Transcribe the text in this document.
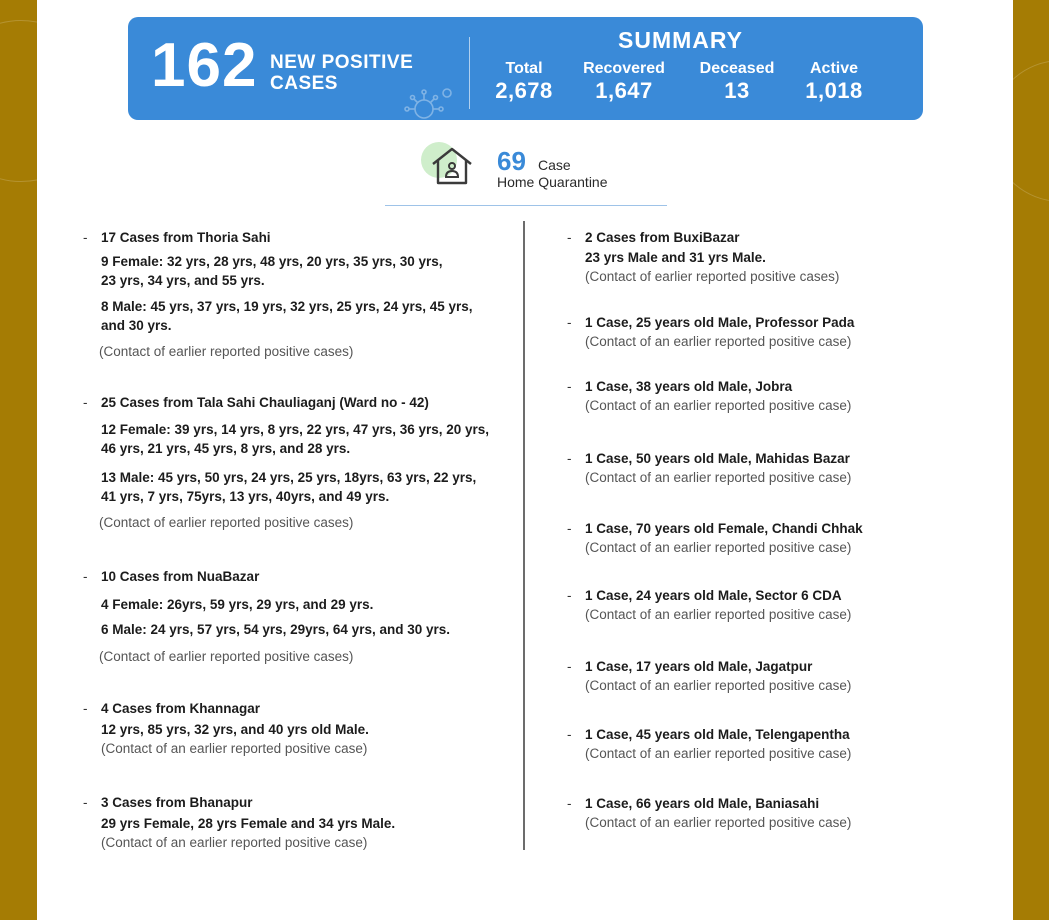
162 NEW POSITIVE
CASES
SUMMARY
Total
2,678
Recovered
1,647
Deceased
13
Active
1,018
69 Case
Home Quarantine
- 17 Cases from Thoria Sahi
9 Female: 32 yrs, 28 yrs, 48 yrs, 20 yrs, 35 yrs, 30 yrs,
23 yrs, 34 yrs, and 55 yrs.
8 Male: 45 yrs, 37 yrs, 19 yrs, 32 yrs, 25 yrs, 24 yrs, 45 yrs,
and 30 yrs.
(Contact of earlier reported positive cases)
- 25 Cases from Tala Sahi Chauliaganj (Ward no - 42)
12 Female: 39 yrs, 14 yrs, 8 yrs, 22 yrs, 47 yrs, 36 yrs, 20 yrs,
46 yrs, 21 yrs, 45 yrs, 8 yrs, and 28 yrs.
13 Male: 45 yrs, 50 yrs, 24 yrs, 25 yrs, 18yrs, 63 yrs, 22 yrs,
41 yrs, 7 yrs, 75yrs, 13 yrs, 40yrs, and 49 yrs.
(Contact of earlier reported positive cases)
- 10 Cases from NuaBazar
4 Female: 26yrs, 59 yrs, 29 yrs, and 29 yrs.
6 Male: 24 yrs, 57 yrs, 54 yrs, 29yrs, 64 yrs, and 30 yrs.
(Contact of earlier reported positive cases)
- 4 Cases from Khannagar
12 yrs, 85 yrs, 32 yrs, and 40 yrs old Male.
(Contact of an earlier reported positive case)
- 3 Cases from Bhanapur
29 yrs Female, 28 yrs Female and 34 yrs Male.
(Contact of an earlier reported positive case)
- 2 Cases from BuxiBazar
23 yrs Male and 31 yrs Male.
(Contact of earlier reported positive cases)
- 1 Case, 25 years old Male, Professor Pada
(Contact of an earlier reported positive case)
- 1 Case, 38 years old Male, Jobra
(Contact of an earlier reported positive case)
- 1 Case, 50 years old Male, Mahidas Bazar
(Contact of an earlier reported positive case)
- 1 Case, 70 years old Female, Chandi Chhak
(Contact of an earlier reported positive case)
- 1 Case, 24 years old Male, Sector 6 CDA
(Contact of an earlier reported positive case)
- 1 Case, 17 years old Male, Jagatpur
(Contact of an earlier reported positive case)
- 1 Case, 45 years old Male, Telengapentha
(Contact of an earlier reported positive case)
- 1 Case, 66 years old Male, Baniasahi
(Contact of an earlier reported positive case)
